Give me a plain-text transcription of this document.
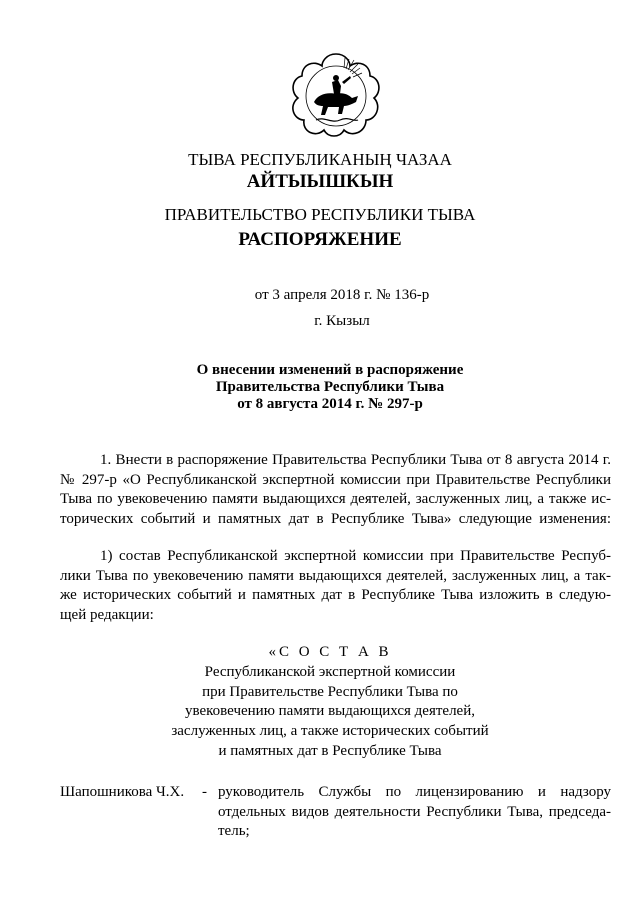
ТЫВА РЕСПУБЛИКАНЫҢ ЧАЗАА
АЙТЫЫШКЫН
ПРАВИТЕЛЬСТВО РЕСПУБЛИКИ ТЫВА
РАСПОРЯЖЕНИЕ
от 3 апреля 2018 г. № 136-р
г. Кызыл
О внесении изменений в распоряжение
Правительства Республики Тыва
от 8 августа 2014 г. № 297-р
1. Внести в распоряжение Правительства Республики Тыва от 8 августа 2014 г.
№ 297-р «О Республиканской экспертной комиссии при Правительстве Республики
Тыва по увековечению памяти выдающихся деятелей, заслуженных лиц, а также ис-
торических событий и памятных дат в Республике Тыва» следующие изменения:
1) состав Республиканской экспертной комиссии при Правительстве Респуб-
лики Тыва по увековечению памяти выдающихся деятелей, заслуженных лиц, а так-
же исторических событий и памятных дат в Республике Тыва изложить в следую-
щей редакции:
«С О С Т А В
Республиканской экспертной комиссии
при Правительстве Республики Тыва по
увековечению памяти выдающихся деятелей,
заслуженных лиц, а также исторических событий
и памятных дат в Республике Тыва
Шапошникова Ч.Х. - руководитель Службы по лицензированию и надзору
отдельных видов деятельности Республики Тыва, председа-
тель;
